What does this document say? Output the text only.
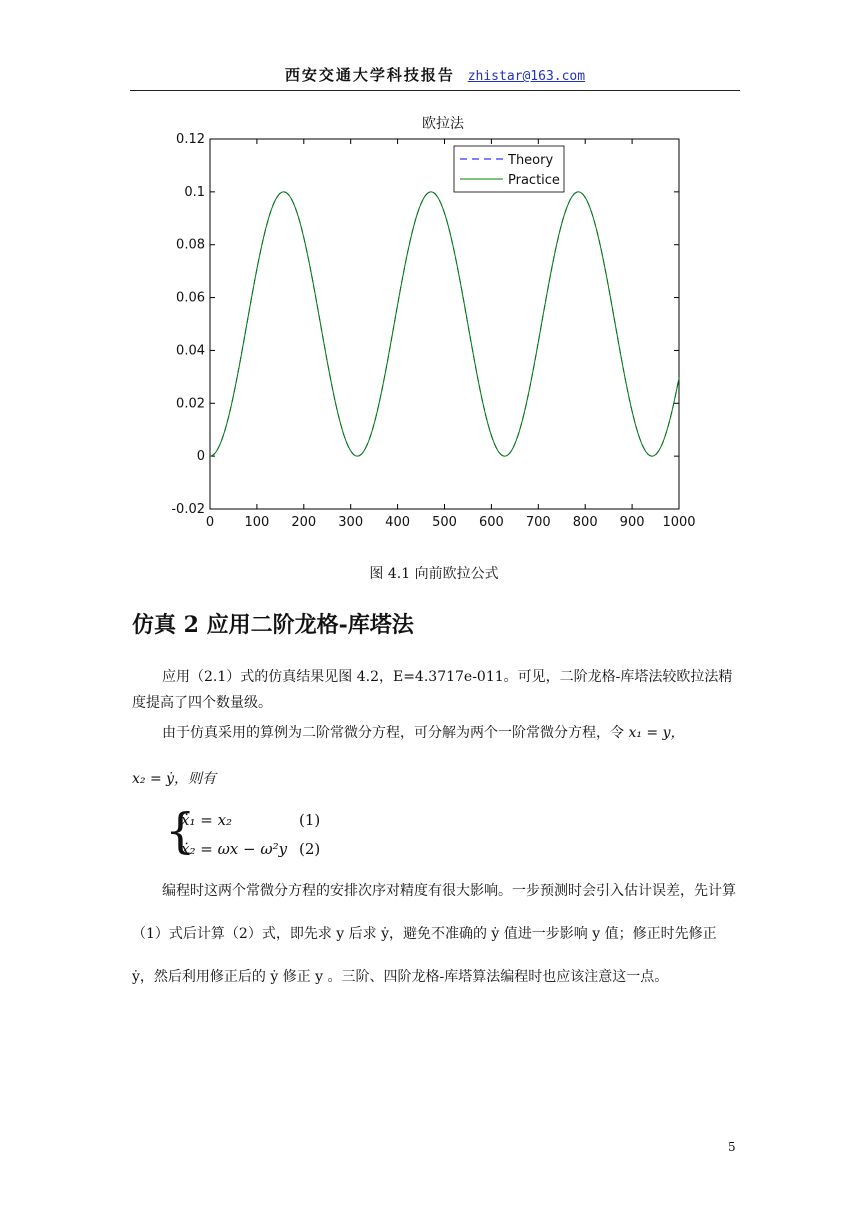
西安交通大学科技报告 zhistar@163.com
欧拉法
0 100 200 300 400 500 600 700 800 900 1000
-0.02
0
0.02
0.04
0.06
0.08
0.1
0.12
Theory
Practice
图 4.1 向前欧拉公式
仿真 2 应用二阶龙格-库塔法
应用（2.1）式的仿真结果见图 4.2，E=4.3717e-011。可见，二阶龙格-库塔法较欧拉法精度提高了四个数量级。
由于仿真采用的算例为二阶常微分方程，可分解为两个一阶常微分方程，令 x₁ = y，
x₂ = ẏ，则有
{
ẋ₁ = x₂	(1)
ẋ₂ = ωx − ω²y (2)
编程时这两个常微分方程的安排次序对精度有很大影响。一步预测时会引入估计误差，先计算（1）式后计算（2）式，即先求 y 后求 ẏ，避免不准确的 ẏ 值进一步影响 y 值；修正时先修正 ẏ，然后利用修正后的 ẏ 修正 y 。三阶、四阶龙格-库塔算法编程时也应该注意这一点。
5
